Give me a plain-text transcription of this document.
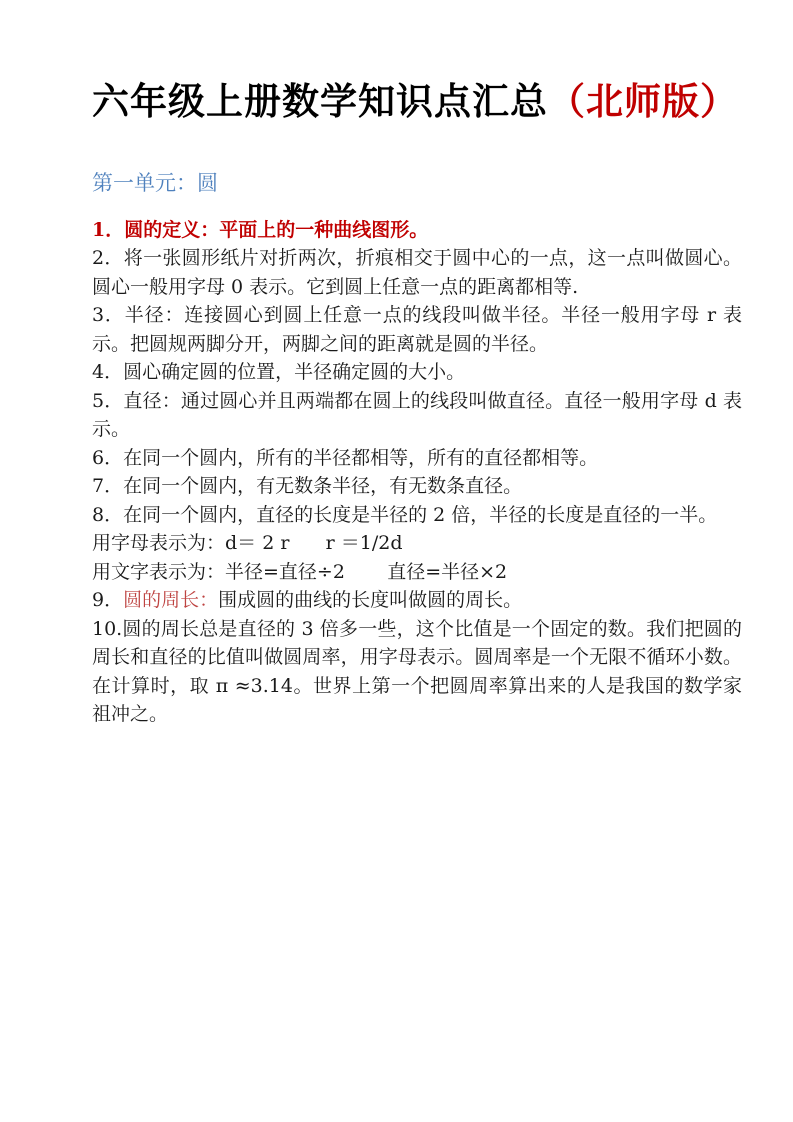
六年级上册数学知识点汇总（北师版）
第一单元：圆

1．圆的定义：平面上的一种曲线图形。

2．将一张圆形纸片对折两次，折痕相交于圆中心的一点，这一点叫做圆心。圆心一般用字母 0 表示。它到圆上任意一点的距离都相等.

3．半径：连接圆心到圆上任意一点的线段叫做半径。半径一般用字母 r 表示。把圆规两脚分开，两脚之间的距离就是圆的半径。

4．圆心确定圆的位置，半径确定圆的大小。

5．直径：通过圆心并且两端都在圆上的线段叫做直径。直径一般用字母 d 表示。

6．在同一个圆内，所有的半径都相等，所有的直径都相等。

7．在同一个圆内，有无数条半径，有无数条直径。

8．在同一个圆内，直径的长度是半径的 2 倍，半径的长度是直径的一半。

用字母表示为：d＝ 2 r      r ＝1/2d

用文字表示为：半径=直径÷2       直径=半径×2

9．圆的周长：围成圆的曲线的长度叫做圆的周长。

10.圆的周长总是直径的 3 倍多一些，这个比值是一个固定的数。我们把圆的周长和直径的比值叫做圆周率，用字母表示。圆周率是一个无限不循环小数。在计算时，取 π ≈3.14。世界上第一个把圆周率算出来的人是我国的数学家祖冲之。
